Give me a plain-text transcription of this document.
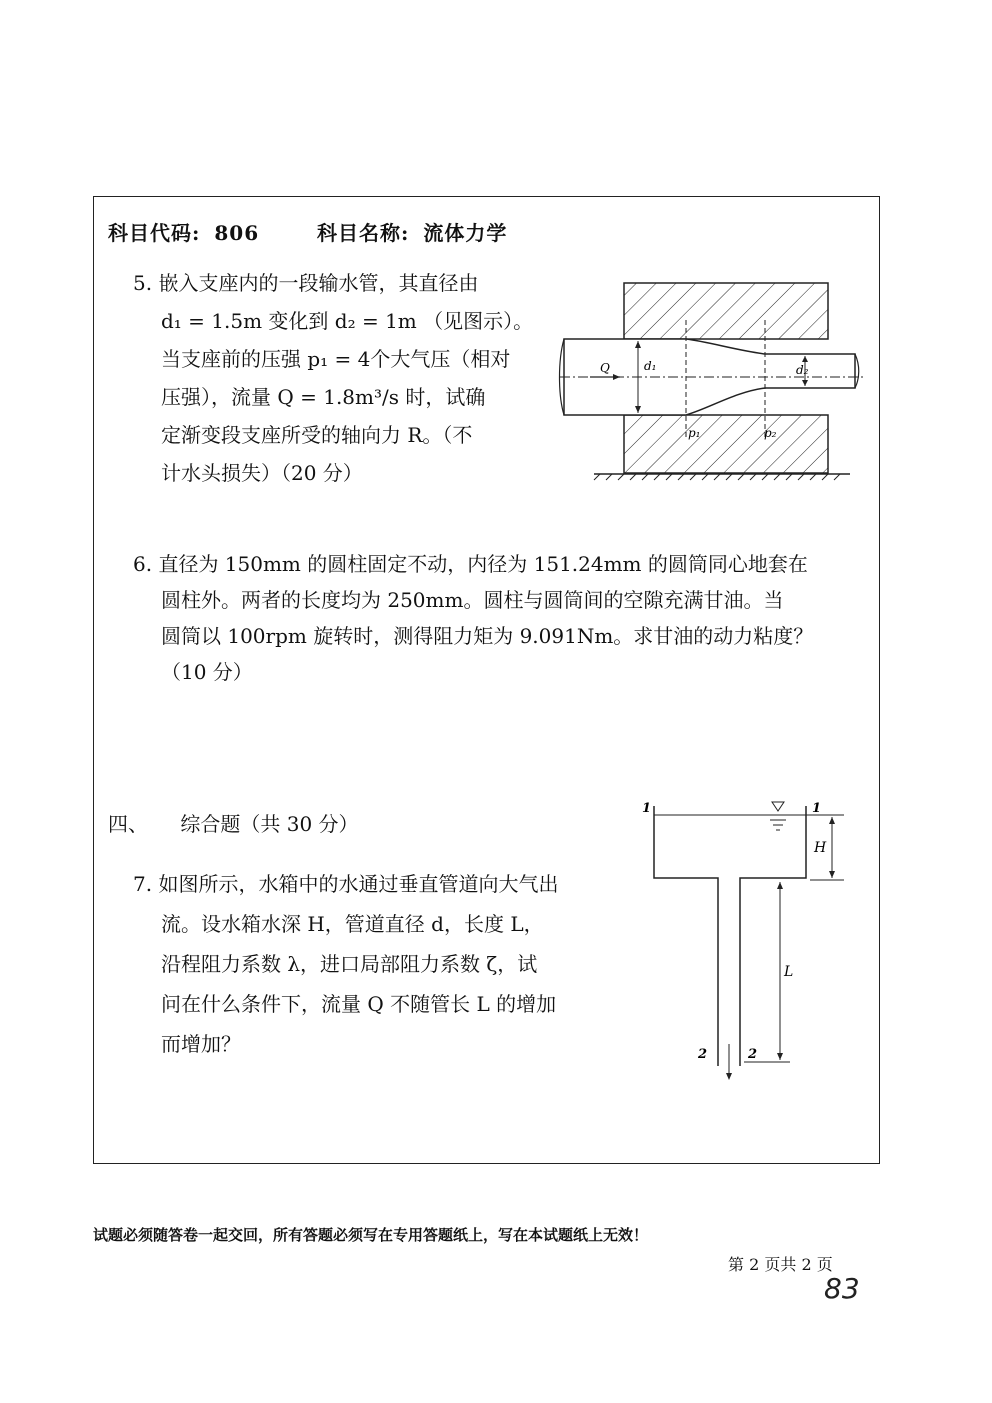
科目代码: 806	科目名称: 流体力学
5. 嵌入支座内的一段输水管，其直径由
d₁ = 1.5m 变化到 d₂ = 1m （见图示）。
当支座前的压强 p₁ = 4个大气压（相对
压强），流量 Q = 1.8m³/s 时，试确
定渐变段支座所受的轴向力 R。（不
计水头损失）（20 分）
Q	d₁	d₂
p₁	p₂
6. 直径为 150mm 的圆柱固定不动，内径为 151.24mm 的圆筒同心地套在
圆柱外。两者的长度均为 250mm。圆柱与圆筒间的空隙充满甘油。当
圆筒以 100rpm 旋转时，测得阻力矩为 9.091Nm。求甘油的动力粘度？
（10 分）
四、 综合题（共 30 分）
7. 如图所示，水箱中的水通过垂直管道向大气出
流。设水箱水深 H，管道直径 d，长度 L，
沿程阻力系数 λ，进口局部阻力系数 ζ，试
问在什么条件下，流量 Q 不随管长 L 的增加
而增加？
1	1
H
L
2	2
试题必须随答卷一起交回，所有答题必须写在专用答题纸上，写在本试题纸上无效！
第 2 页共 2 页
83
